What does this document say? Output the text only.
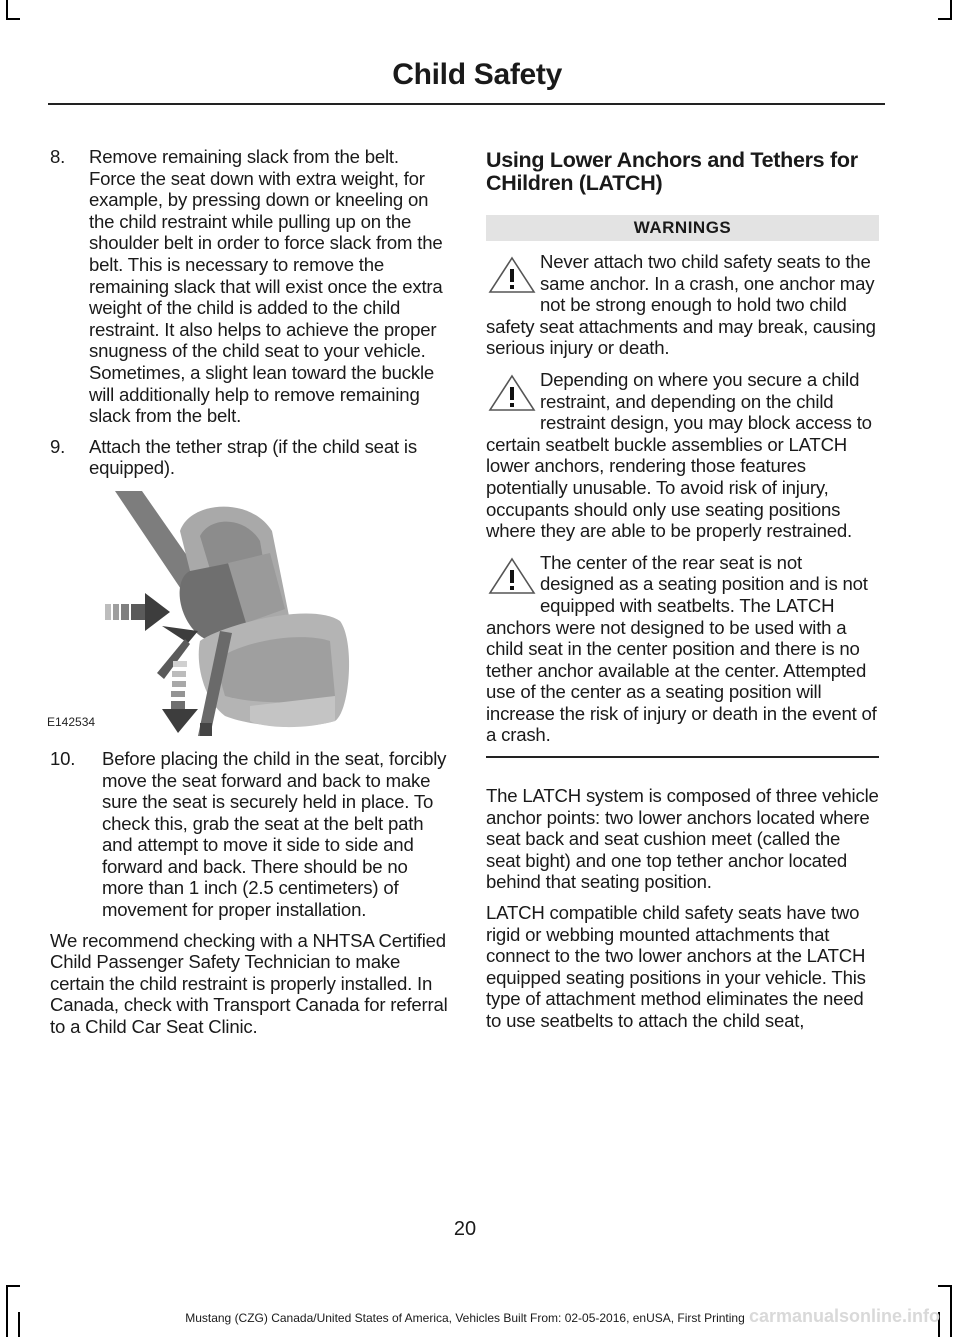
Child Safety
8.	Remove remaining slack from the belt. Force the seat down with extra weight, for example, by pressing down or kneeling on the child restraint while pulling up on the shoulder belt in order to force slack from the belt. This is necessary to remove the remaining slack that will exist once the extra weight of the child is added to the child restraint. It also helps to achieve the proper snugness of the child seat to your vehicle. Sometimes, a slight lean toward the buckle will additionally help to remove remaining slack from the belt.
9.	Attach the tether strap (if the child seat is equipped).
E142534
10.	Before placing the child in the seat, forcibly move the seat forward and back to make sure the seat is securely held in place. To check this, grab the seat at the belt path and attempt to move it side to side and forward and back. There should be no more than 1 inch (2.5 centimeters) of movement for proper installation.
We recommend checking with a NHTSA Certified Child Passenger Safety Technician to make certain the child restraint is properly installed. In Canada, check with Transport Canada for referral to a Child Car Seat Clinic.
Using Lower Anchors and Tethers for CHildren (LATCH)
WARNINGS
Never attach two child safety seats to the same anchor. In a crash, one anchor may not be strong enough to hold two child safety seat attachments and may break, causing serious injury or death.
Depending on where you secure a child restraint, and depending on the child restraint design, you may block access to certain seatbelt buckle assemblies or LATCH lower anchors, rendering those features potentially unusable. To avoid risk of injury, occupants should only use seating positions where they are able to be properly restrained.
The center of the rear seat is not designed as a seating position and is not equipped with seatbelts. The LATCH anchors were not designed to be used with a child seat in the center position and there is no tether anchor available at the center. Attempted use of the center as a seating position will increase the risk of injury or death in the event of a crash.
The LATCH system is composed of three vehicle anchor points: two lower anchors located where seat back and seat cushion meet (called the seat bight) and one top tether anchor located behind that seating position.
LATCH compatible child safety seats have two rigid or webbing mounted attachments that connect to the two lower anchors at the LATCH equipped seating positions in your vehicle. This type of attachment method eliminates the need to use seatbelts to attach the child seat,
20
Mustang (CZG) Canada/United States of America, Vehicles Built From: 02-05-2016, enUSA, First Printing carmanualsonline.info
